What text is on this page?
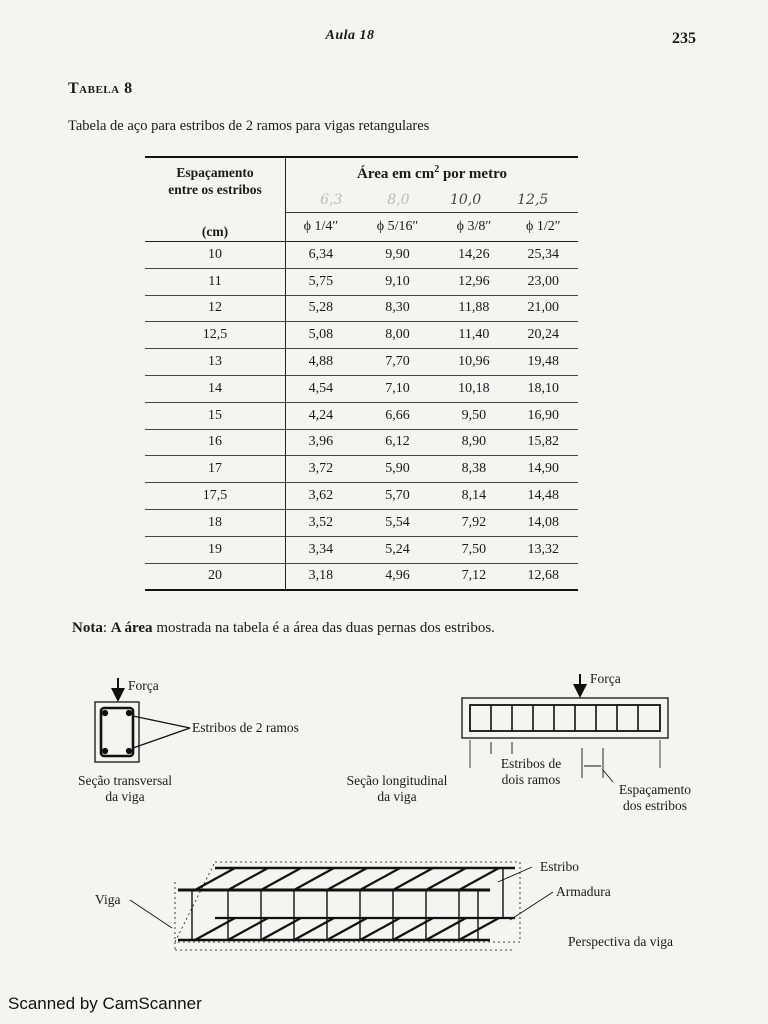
Aula 18	235
Tabela 8
Tabela de aço para estribos de 2 ramos para vigas retangulares
Espaçamento
entre os estribos
(cm)	Área em $cm^2$ por metro			
	6,3 8,0 10,0 12,5			
	ϕ 1/4″	ϕ 5/16″	ϕ 3/8″	ϕ 1/2″
10	6,34	9,90	14,26	25,34
11	5,75	9,10	12,96	23,00
12	5,28	8,30	11,88	21,00
12,5	5,08	8,00	11,40	20,24
13	4,88	7,70	10,96	19,48
14	4,54	7,10	10,18	18,10
15	4,24	6,66	9,50	16,90
16	3,96	6,12	8,90	15,82
17	3,72	5,90	8,38	14,90
17,5	3,62	5,70	8,14	14,48
18	3,52	5,54	7,92	14,08
19	3,34	5,24	7,50	13,32
20	3,18	4,96	7,12	12,68
Nota: A área mostrada na tabela é a área das duas pernas dos estribos.
Força
Estribos de 2 ramos
Seção transversal
da viga
Força
Seção longitudinal
da viga
Estribos de
dois ramos
Espaçamento
dos estribos
Estribo
Armadura
Viga
Perspectiva da viga
Scanned by CamScanner
